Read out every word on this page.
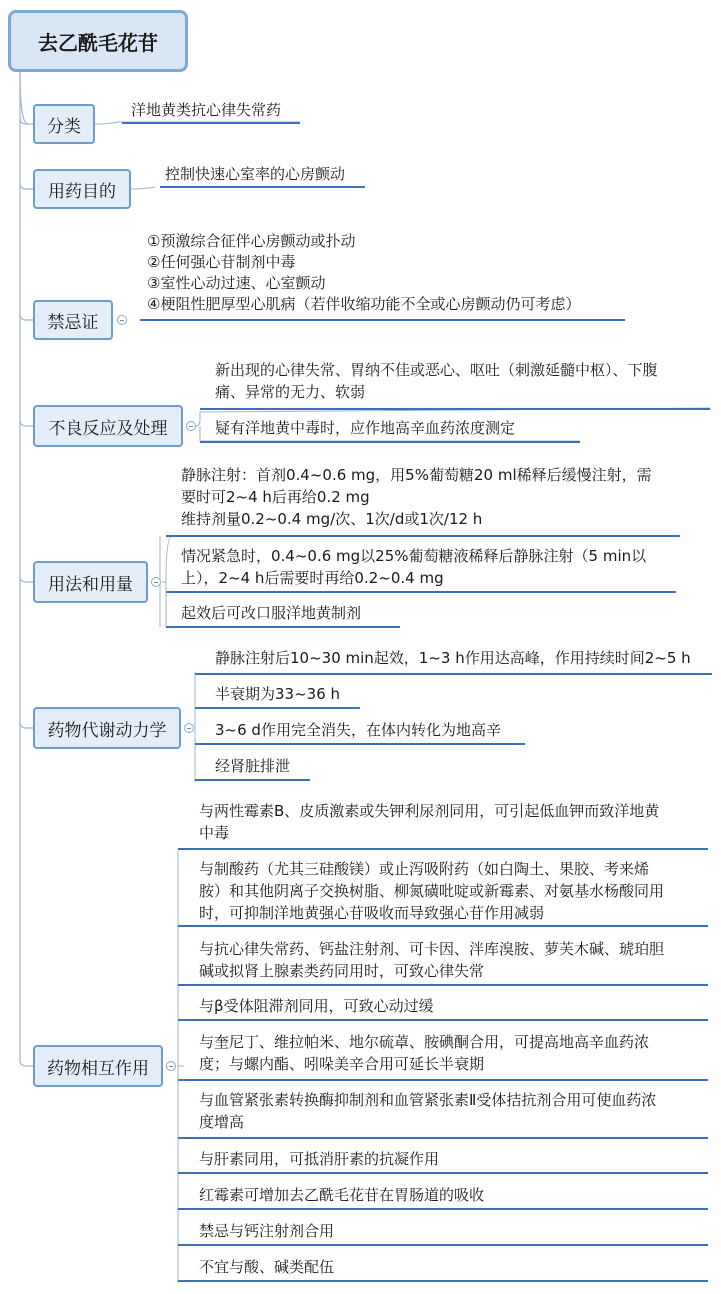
去乙酰毛花苷
分类
用药目的
禁忌证
不良反应及处理
用法和用量
药物代谢动力学
药物相互作用
洋地黄类抗心律失常药
控制快速心室率的心房颤动
①预激综合征伴心房颤动或扑动
②任何强心苷制剂中毒
③室性心动过速、心室颤动
④梗阻性肥厚型心肌病（若伴收缩功能不全或心房颤动仍可考虑）
新出现的心律失常、胃纳不佳或恶心、呕吐（刺激延髓中枢）、下腹
痛、异常的无力、软弱
疑有洋地黄中毒时，应作地高辛血药浓度测定
静脉注射：首剂0.4~0.6 mg，用5%葡萄糖20 ml稀释后缓慢注射，需
要时可2~4 h后再给0.2 mg
维持剂量0.2~0.4 mg/次、1次/d或1次/12 h
情况紧急时，0.4~0.6 mg以25%葡萄糖液稀释后静脉注射（5 min以
上），2~4 h后需要时再给0.2~0.4 mg
起效后可改口服洋地黄制剂
静脉注射后10~30 min起效，1~3 h作用达高峰，作用持续时间2~5 h
半衰期为33~36 h
3~6 d作用完全消失，在体内转化为地高辛
经肾脏排泄
与两性霉素B、皮质激素或失钾利尿剂同用，可引起低血钾而致洋地黄
中毒
与制酸药（尤其三硅酸镁）或止泻吸附药（如白陶土、果胶、考来烯
胺）和其他阴离子交换树脂、柳氮磺吡啶或新霉素、对氨基水杨酸同用
时，可抑制洋地黄强心苷吸收而导致强心苷作用减弱
与抗心律失常药、钙盐注射剂、可卡因、泮库溴胺、萝芙木碱、琥珀胆
碱或拟肾上腺素类药同用时，可致心律失常
与β受体阻滞剂同用，可致心动过缓
与奎尼丁、维拉帕米、地尔硫䓬、胺碘酮合用，可提高地高辛血药浓
度；与螺内酯、吲哚美辛合用可延长半衰期
与血管紧张素转换酶抑制剂和血管紧张素Ⅱ受体拮抗剂合用可使血药浓
度增高
与肝素同用，可抵消肝素的抗凝作用
红霉素可增加去乙酰毛花苷在胃肠道的吸收
禁忌与钙注射剂合用
不宜与酸、碱类配伍
